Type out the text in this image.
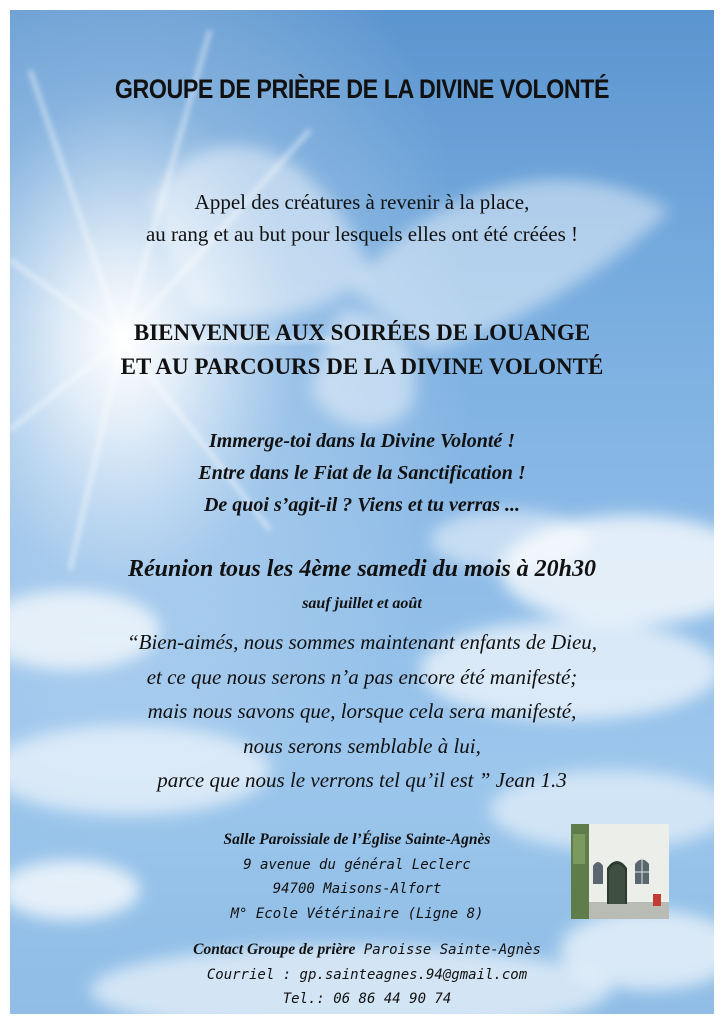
GROUPE DE PRIÈRE DE LA DIVINE VOLONTÉ
Appel des créatures à revenir à la place,
au rang et au but pour lesquels elles ont été créées !
BIENVENUE AUX SOIRÉES DE LOUANGE
ET AU PARCOURS DE LA DIVINE VOLONTÉ
Immerge-toi dans la Divine Volonté !
Entre dans le Fiat de la Sanctification !
De quoi s’agit-il ? Viens et tu verras ...
Réunion tous les 4ème samedi du mois à 20h30
sauf juillet et août
“Bien-aimés, nous sommes maintenant enfants de Dieu,
et ce que nous serons n’a pas encore été manifesté;
mais nous savons que, lorsque cela sera manifesté,
nous serons semblable à lui,
parce que nous le verrons tel qu’il est ” Jean 1.3
Salle Paroissiale de l’Église Sainte-Agnès
9 avenue du général Leclerc
94700 Maisons-Alfort
M° Ecole Vétérinaire (Ligne 8)
Contact Groupe de prière Paroisse Sainte-Agnès
Courriel : gp.sainteagnes.94@gmail.com
Tel.: 06 86 44 90 74
